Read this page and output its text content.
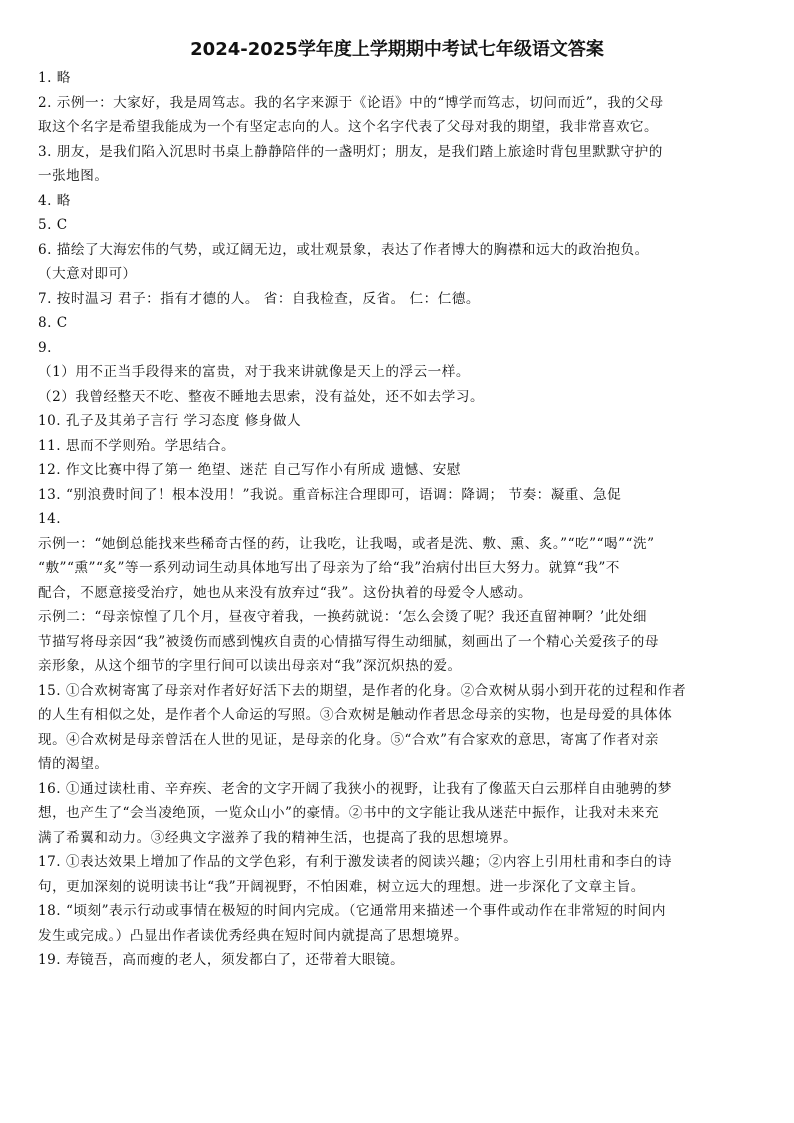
2024-2025学年度上学期期中考试七年级语文答案
1. 略
2. 示例一：大家好，我是周笃志。我的名字来源于《论语》中的“博学而笃志，切问而近”，我的父母
取这个名字是希望我能成为一个有坚定志向的人。这个名字代表了父母对我的期望，我非常喜欢它。
3. 朋友，是我们陷入沉思时书桌上静静陪伴的一盏明灯；朋友，是我们踏上旅途时背包里默默守护的
一张地图。
4. 略
5. C
6. 描绘了大海宏伟的气势，或辽阔无边，或壮观景象，表达了作者博大的胸襟和远大的政治抱负。
（大意对即可）
7. 按时温习 君子：指有才德的人。 省：自我检查，反省。 仁：仁德。
8. C
9.
（1）用不正当手段得来的富贵，对于我来讲就像是天上的浮云一样。
（2）我曾经整天不吃、整夜不睡地去思索，没有益处，还不如去学习。
10. 孔子及其弟子言行 学习态度 修身做人
11. 思而不学则殆。学思结合。
12. 作文比赛中得了第一 绝望、迷茫 自己写作小有所成 遗憾、安慰
13. “别浪费时间了！根本没用！”我说。重音标注合理即可，语调：降调； 节奏：凝重、急促
14.
示例一：“她倒总能找来些稀奇古怪的药，让我吃，让我喝，或者是洗、敷、熏、炙。”“吃”“喝”“洗”
“敷”“熏”“炙”等一系列动词生动具体地写出了母亲为了给“我”治病付出巨大努力。就算“我”不
配合，不愿意接受治疗，她也从来没有放弃过“我”。这份执着的母爱令人感动。
示例二：“母亲惊惶了几个月，昼夜守着我，一换药就说：‘怎么会烫了呢？我还直留神啊？’此处细
节描写将母亲因“我”被烫伤而感到愧疚自责的心情描写得生动细腻，刻画出了一个精心关爱孩子的母
亲形象，从这个细节的字里行间可以读出母亲对“我”深沉炽热的爱。
15. ①合欢树寄寓了母亲对作者好好活下去的期望，是作者的化身。②合欢树从弱小到开花的过程和作者
的人生有相似之处，是作者个人命运的写照。③合欢树是触动作者思念母亲的实物，也是母爱的具体体
现。④合欢树是母亲曾活在人世的见证，是母亲的化身。⑤“合欢”有合家欢的意思，寄寓了作者对亲
情的渴望。
16. ①通过读杜甫、辛弃疾、老舍的文字开阔了我狭小的视野，让我有了像蓝天白云那样自由驰骋的梦
想，也产生了“会当凌绝顶，一览众山小”的豪情。②书中的文字能让我从迷茫中振作，让我对未来充
满了希翼和动力。③经典文字滋养了我的精神生活，也提高了我的思想境界。
17. ①表达效果上增加了作品的文学色彩，有利于激发读者的阅读兴趣；②内容上引用杜甫和李白的诗
句，更加深刻的说明读书让“我”开阔视野，不怕困难，树立远大的理想。进一步深化了文章主旨。
18. “顷刻”表示行动或事情在极短的时间内完成。（它通常用来描述一个事件或动作在非常短的时间内
发生或完成。）凸显出作者读优秀经典在短时间内就提高了思想境界。
19. 寿镜吾，高而瘦的老人，须发都白了，还带着大眼镜。
